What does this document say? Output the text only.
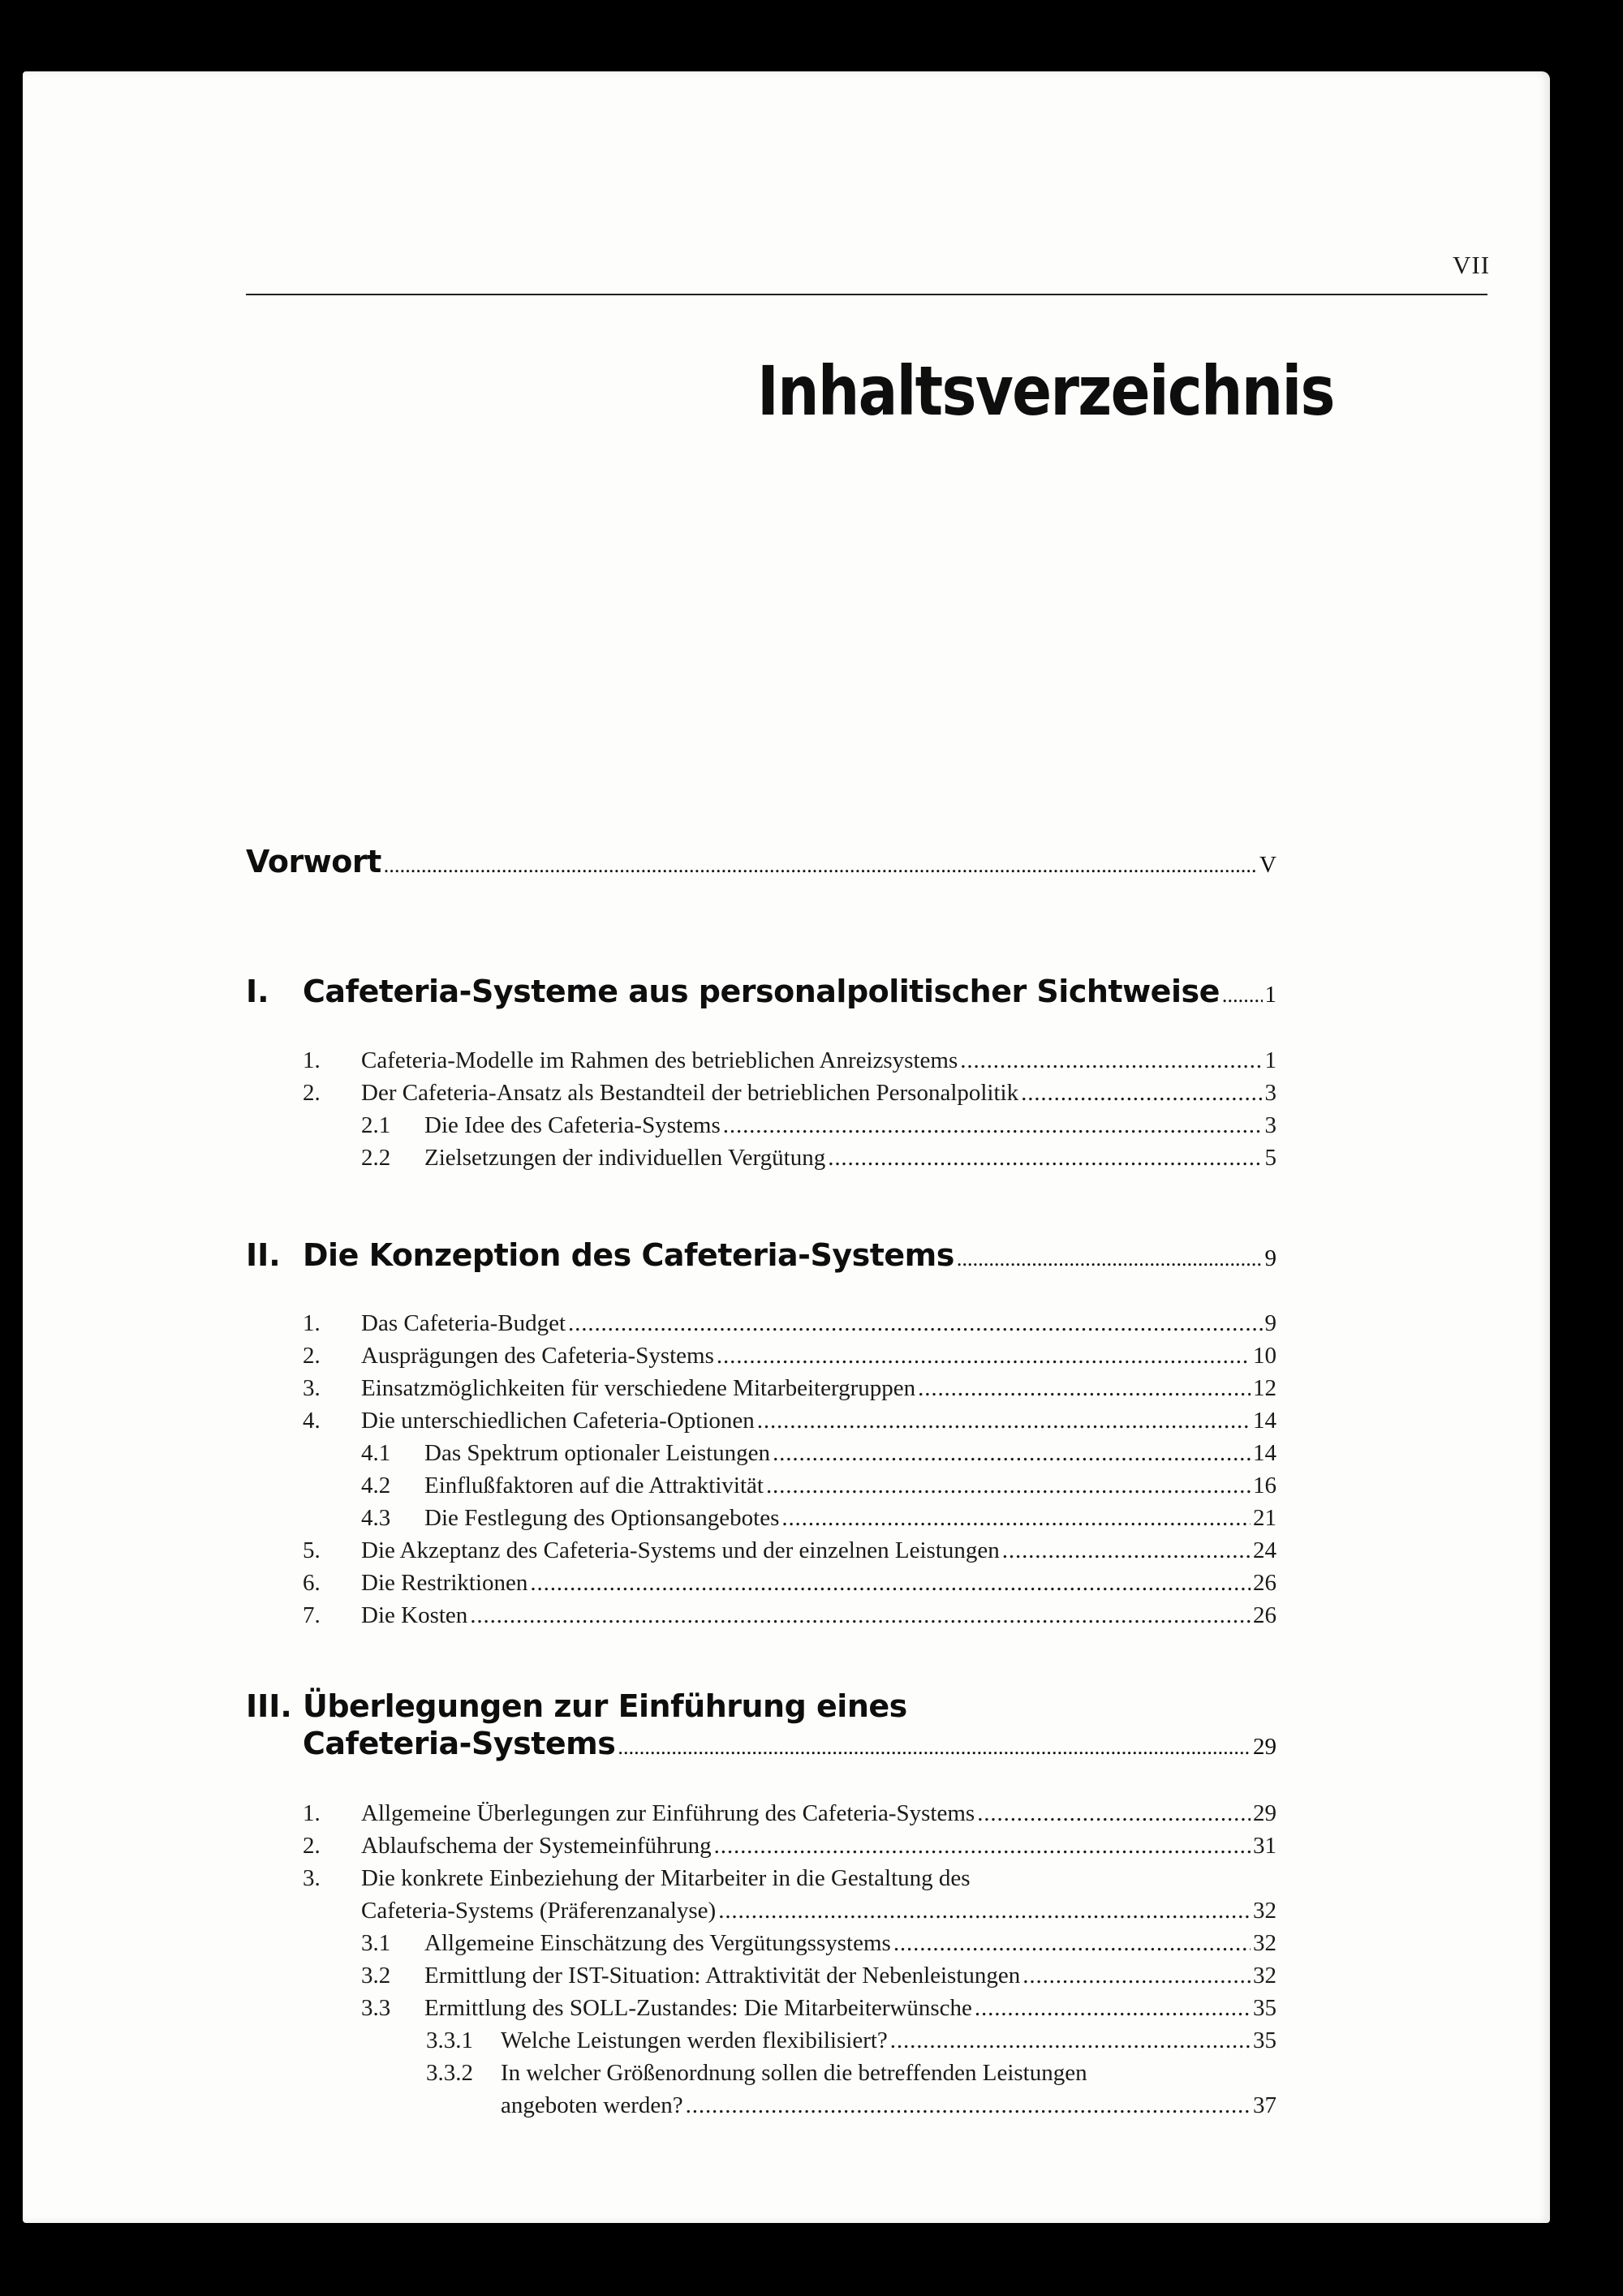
VII
Inhaltsverzeichnis
Vorwort . . .	V
I.	Cafeteria-Systeme aus personalpolitischer Sichtweise . . . 1
1.	Cafeteria-Modelle im Rahmen des betrieblichen Anreizsystems . . .	1
2.	Der Cafeteria-Ansatz als Bestandteil der betrieblichen Personalpolitik . . .	3
2.1	Die Idee des Cafeteria-Systems . . .	3
2.2	Zielsetzungen der individuellen Vergütung . . .	5
II. Die Konzeption des Cafeteria-Systems . . .	9
1.	Das Cafeteria-Budget . . .	9
2.	Ausprägungen des Cafeteria-Systems . . .	10
3.	Einsatzmöglichkeiten für verschiedene Mitarbeitergruppen . . .	12
4.	Die unterschiedlichen Cafeteria-Optionen . . .	14
4.1	Das Spektrum optionaler Leistungen . . .	14
4.2	Einflußfaktoren auf die Attraktivität . . .	16
4.3	Die Festlegung des Optionsangebotes . . .	21
5.	Die Akzeptanz des Cafeteria-Systems und der einzelnen Leistungen . . .	24
6.	Die Restriktionen . . .	26
7.	Die Kosten . . .	26
III. Überlegungen zur Einführung eines
Cafeteria-Systems . . .	29
1.	Allgemeine Überlegungen zur Einführung des Cafeteria-Systems . . .	29
2.	Ablaufschema der Systemeinführung . . .	31
3.	Die konkrete Einbeziehung der Mitarbeiter in die Gestaltung des
Cafeteria-Systems (Präferenzanalyse) . . .	32
3.1	Allgemeine Einschätzung des Vergütungssystems . . .	32
3.2	Ermittlung der IST-Situation: Attraktivität der Nebenleistungen . . .	32
3.3	Ermittlung des SOLL-Zustandes: Die Mitarbeiterwünsche . . .	35
3.3.1	Welche Leistungen werden flexibilisiert? . . .	35
3.3.2	In welcher Größenordnung sollen die betreffenden Leistungen
angeboten werden? . . .	37
